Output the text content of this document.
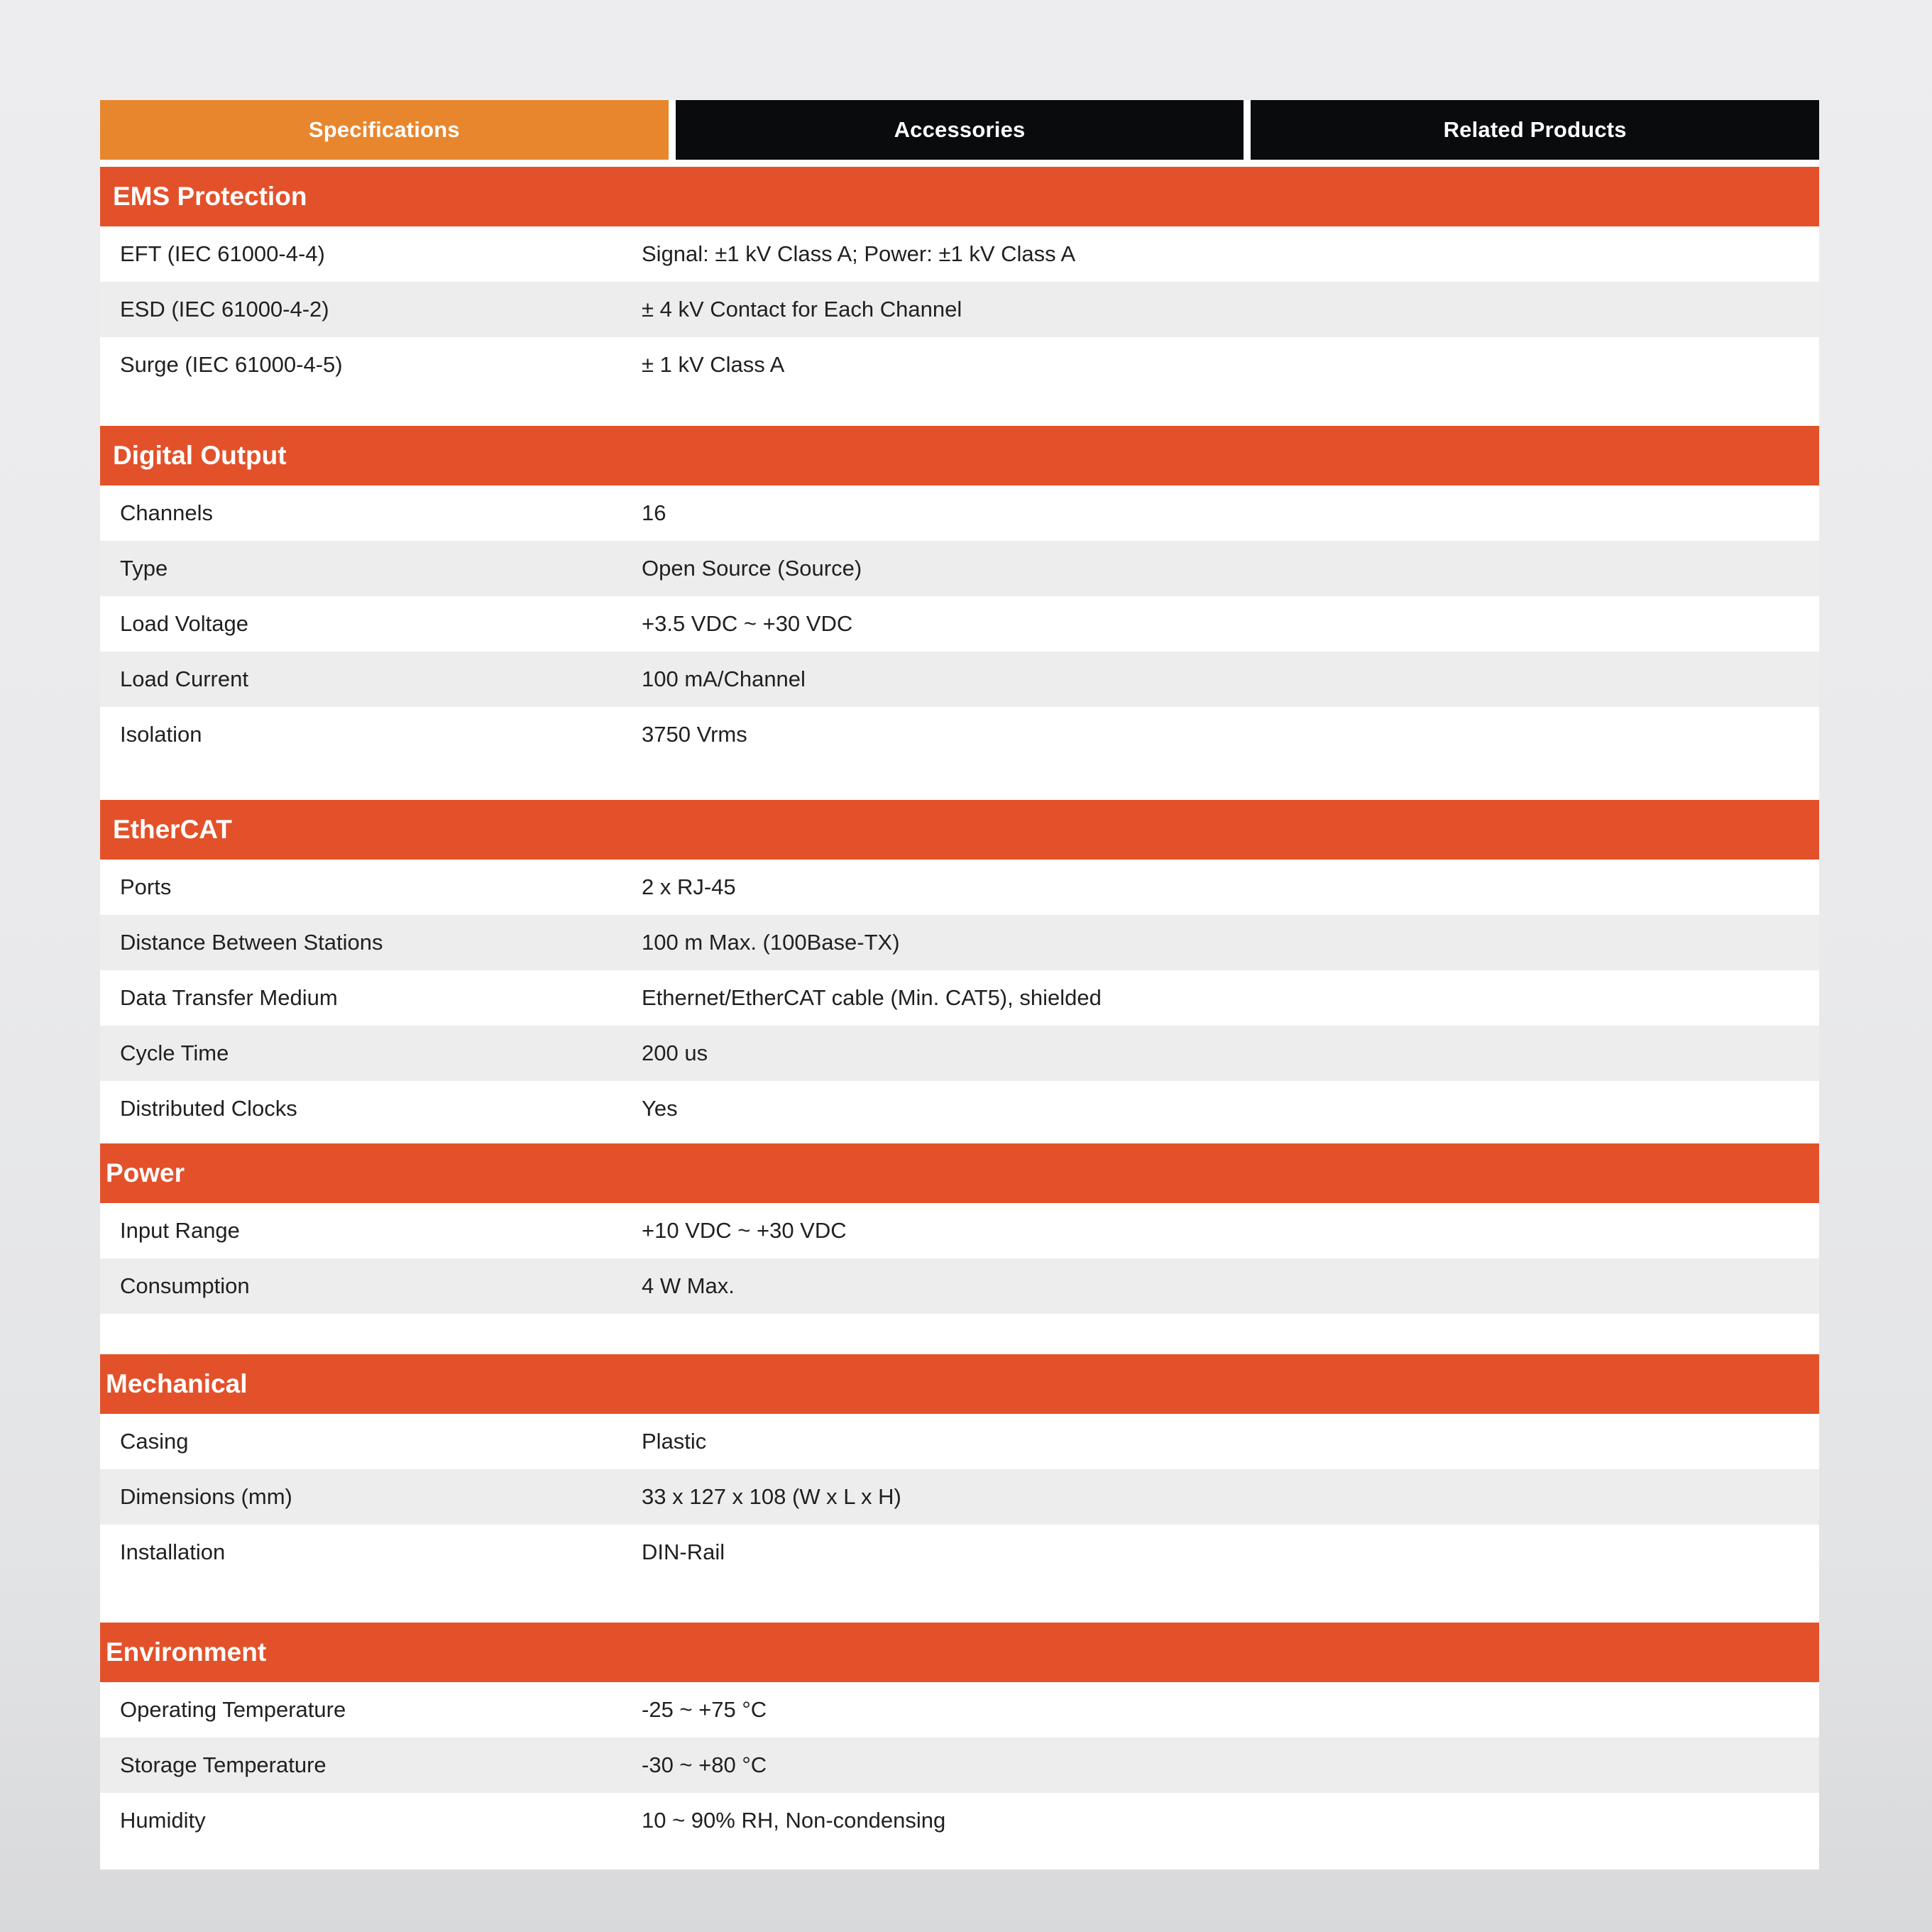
Specifications	Accessories	Related Products
EMS Protection
EFT (IEC 61000-4-4)	Signal: ±1 kV Class A; Power: ±1 kV Class A
ESD (IEC 61000-4-2)	± 4 kV Contact for Each Channel
Surge (IEC 61000-4-5)	± 1 kV Class A
Digital Output
Channels	16
Type	Open Source (Source)
Load Voltage	+3.5 VDC ~ +30 VDC
Load Current	100 mA/Channel
Isolation	3750 Vrms
EtherCAT
Ports	2 x RJ-45
Distance Between Stations	100 m Max. (100Base-TX)
Data Transfer Medium	Ethernet/EtherCAT cable (Min. CAT5), shielded
Cycle Time	200 us
Distributed Clocks	Yes
Power
Input Range	+10 VDC ~ +30 VDC
Consumption	4 W Max.
Mechanical
Casing	Plastic
Dimensions (mm)	33 x 127 x 108 (W x L x H)
Installation	DIN-Rail
Environment
Operating Temperature	-25 ~ +75 °C
Storage Temperature	-30 ~ +80 °C
Humidity	10 ~ 90% RH, Non-condensing
